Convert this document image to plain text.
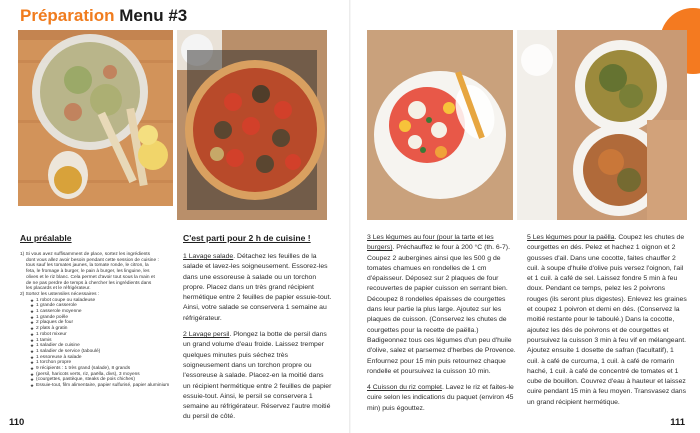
Préparation Menu #3
Au préalable

1) Si vous avez suffisamment de place, sortez les ingrédients

dont vous allez avoir besoin pendant cette session de cuisine :

tous sauf les tomates jaunes, la tomate ronde, le citron, la

feta, le fromage à burger, le pain à burger, les linguine, les

olives et le riz blanc. Cela permet d'avoir tout sous la main et

de ne pas perdre de temps à chercher les ingrédients dans

les placards et le réfrigérateur.

2) Sortez les ustensiles nécessaires :

★ 1 robot coupe ou saladeuse
★ 1 grande casserole
★ 1 casserole moyenne
★ 1 grande poêle
★ 2 plaques de four
★ 2 plats à gratin
★ 1 robot mixeur
★ 1 tamis
★ 1 saladier de cuisine
★ 1 saladier de service (taboulé)
★ 1 essoreuse à salade
★ 1 torchon propre
★ 9 récipients : 1 très grand (salade), 8 grands
★ (persil, haricots verts, riz, paëlla, divs), 3 moyens
★ (courgettes, pastèque, steaks de pois chiches)
★ Essuie-tout, film alimentaire, papier sulfurisé, papier aluminium
C'est parti pour 2 h de cuisine !

1 Lavage salade. Détachez les feuilles de la salade et lavez-les soigneusement. Essorez-les dans une essoreuse à salade ou un torchon propre. Placez dans un très grand récipient hermétique entre 2 feuilles de papier essuie-tout. Ainsi, votre salade se conservera 1 semaine au réfrigérateur.

2 Lavage persil. Plongez la botte de persil dans un grand volume d'eau froide. Laissez tremper quelques minutes puis séchez très soigneusement dans un torchon propre ou l'essoreuse à salade. Placez-en la moitié dans un récipient hermétique entre 2 feuilles de papier essuie-tout. Ainsi, le persil se conservera 1 semaine au réfrigérateur. Réservez l'autre moitié du persil de côté.

3 Les légumes au four (pour la tarte et les burgers). Préchauffez le four à 200 °C (th. 6-7). Coupez 2 aubergines ainsi que les 500 g de tomates chamues en rondelles de 1 cm d'épaisseur. Déposez sur 2 plaques de four recouvertes de papier cuisson en serrant bien. Découpez 8 rondelles épaisses de courgettes dans leur partie la plus large. Ajoutez sur les plaques de cuisson. (Conservez les chutes de courgettes pour la recette de paëlla.) Badigeonnez tous ces légumes d'un peu d'huile d'olive, salez et parsemez d'herbes de Provence. Enfournez pour 15 min puis retournez chaque rondelle et poursuivez la cuisson 10 min.

4 Cuisson du riz complet. Lavez le riz et faites-le cuire selon les indications du paquet (environ 45 min) puis égouttez.

5 Les légumes pour la paëlla. Coupez les chutes de courgettes en dés. Pelez et hachez 1 oignon et 2 gousses d'ail. Dans une cocotte, faites chauffer 2 cuil. à soupe d'huile d'olive puis versez l'oignon, l'ail et 1 cuil. à café de sel. Laissez fondre 5 min à feu doux. Pendant ce temps, pelez les 2 poivrons rouges (ils seront plus digestes). Enlevez les graines et coupez 1 poivron et demi en dés. (Conservez la moitié restante pour le taboulé.) Dans la cocotte, ajoutez les dés de poivrons et de courgettes et poursuivez la cuisson 3 min à feu vif en mélangeant. Ajoutez ensuite 1 dosette de safran (facultatif), 1 cuil. à café de curcuma, 1 cuil. à café de romarin haché, 1 cuil. à café de concentré de tomates et 1 cube de bouillon. Couvrez d'eau à hauteur et laissez cuire pendant 15 min à feu moyen. Transvasez dans un grand récipient hermétique.

110	111
